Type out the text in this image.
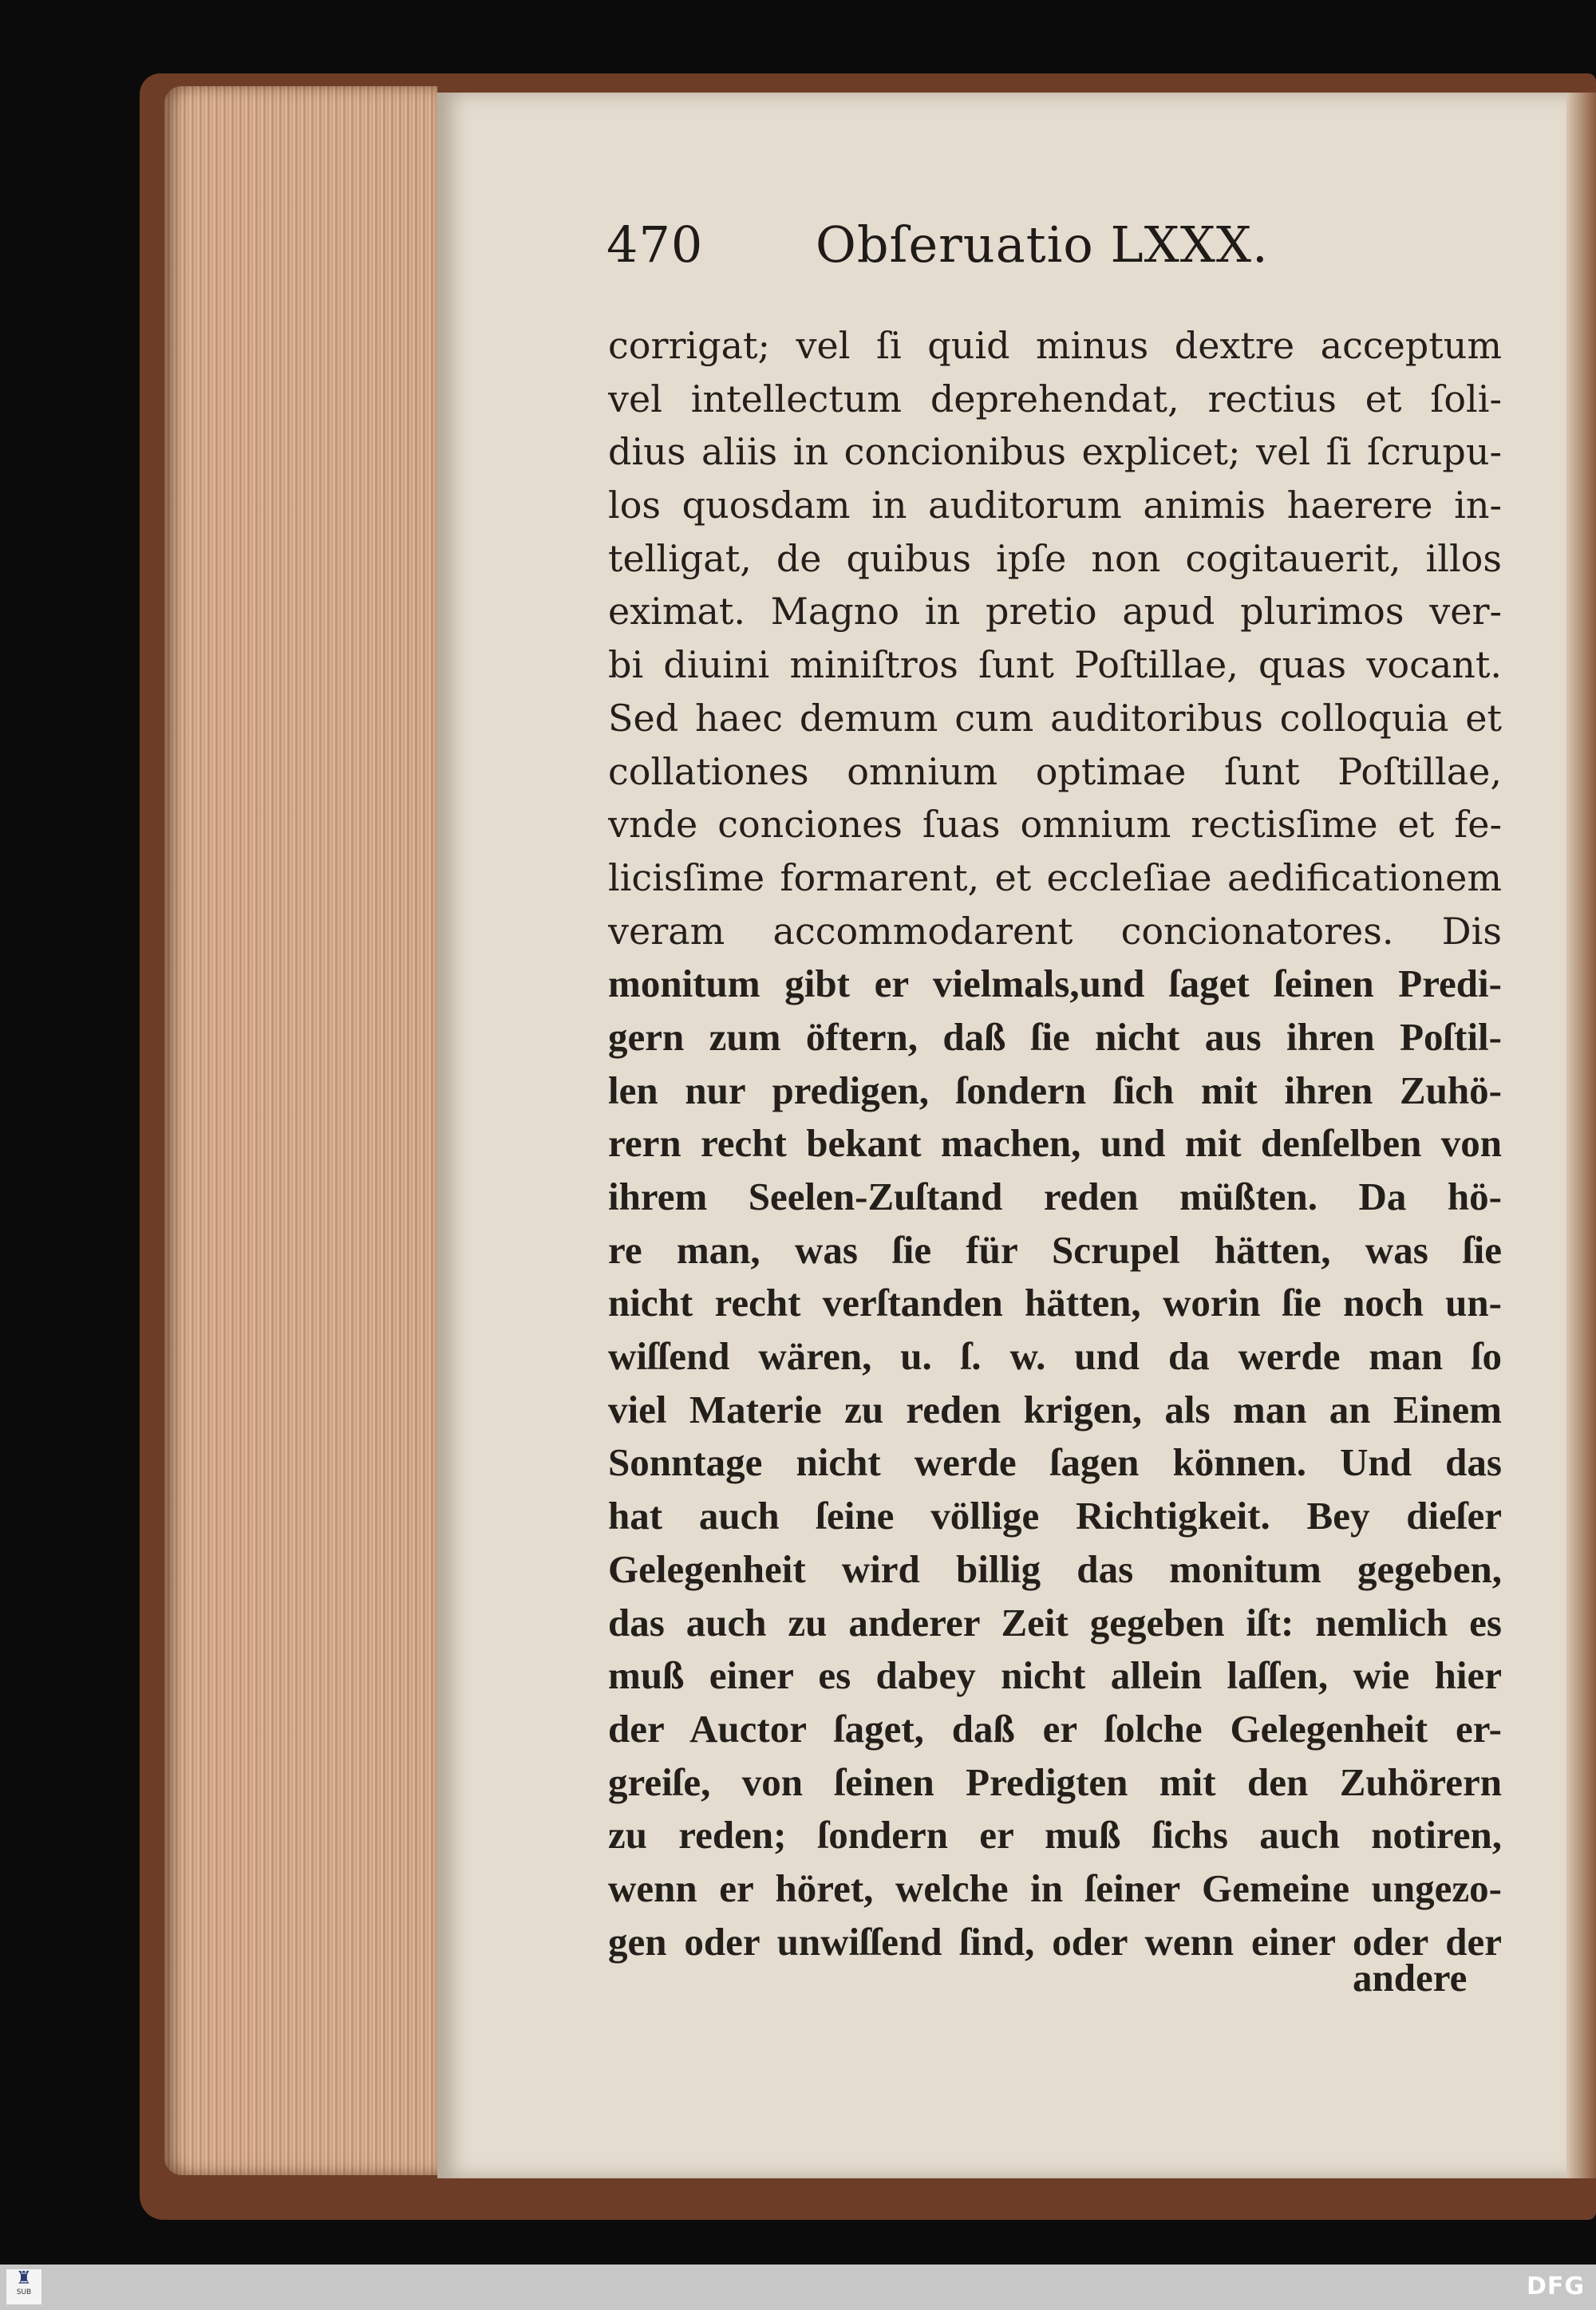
470 Obſeruatio LXXX.
corrigat; vel ſi quid minus dextre acceptum
vel intellectum deprehendat, rectius et ſoli-
dius aliis in concionibus explicet; vel ſi ſcrupu-
los quosdam in auditorum animis haerere in-
telligat, de quibus ipſe non cogitauerit, illos
eximat. Magno in pretio apud plurimos ver-
bi diuini miniſtros ſunt Poſtillae, quas vocant.
Sed haec demum cum auditoribus colloquia et
collationes omnium optimae ſunt Poſtillae,
vnde conciones ſuas omnium rectisſime et fe-
licisſime formarent, et eccleſiae aedificationem
veram accommodarent concionatores. Dis
monitum gibt er vielmals,und ſaget ſeinen Predi-
gern zum öftern, daß ſie nicht aus ihren Poſtil-
len nur predigen, ſondern ſich mit ihren Zuhö-
rern recht bekant machen, und mit denſelben von
ihrem Seelen-Zuſtand reden müßten. Da hö-
re man, was ſie für Scrupel hätten, was ſie
nicht recht verſtanden hätten, worin ſie noch un-
wiſſend wären, u. ſ. w. und da werde man ſo
viel Materie zu reden krigen, als man an Einem
Sonntage nicht werde ſagen können. Und das
hat auch ſeine völlige Richtigkeit. Bey dieſer
Gelegenheit wird billig das monitum gegeben,
das auch zu anderer Zeit gegeben iſt: nemlich es
muß einer es dabey nicht allein laſſen, wie hier
der Auctor ſaget, daß er ſolche Gelegenheit er-
greiſe, von ſeinen Predigten mit den Zuhörern
zu reden; ſondern er muß ſichs auch notiren,
wenn er höret, welche in ſeiner Gemeine ungezo-
gen oder unwiſſend ſind, oder wenn einer oder der
andere
♜
SUB	DFG
